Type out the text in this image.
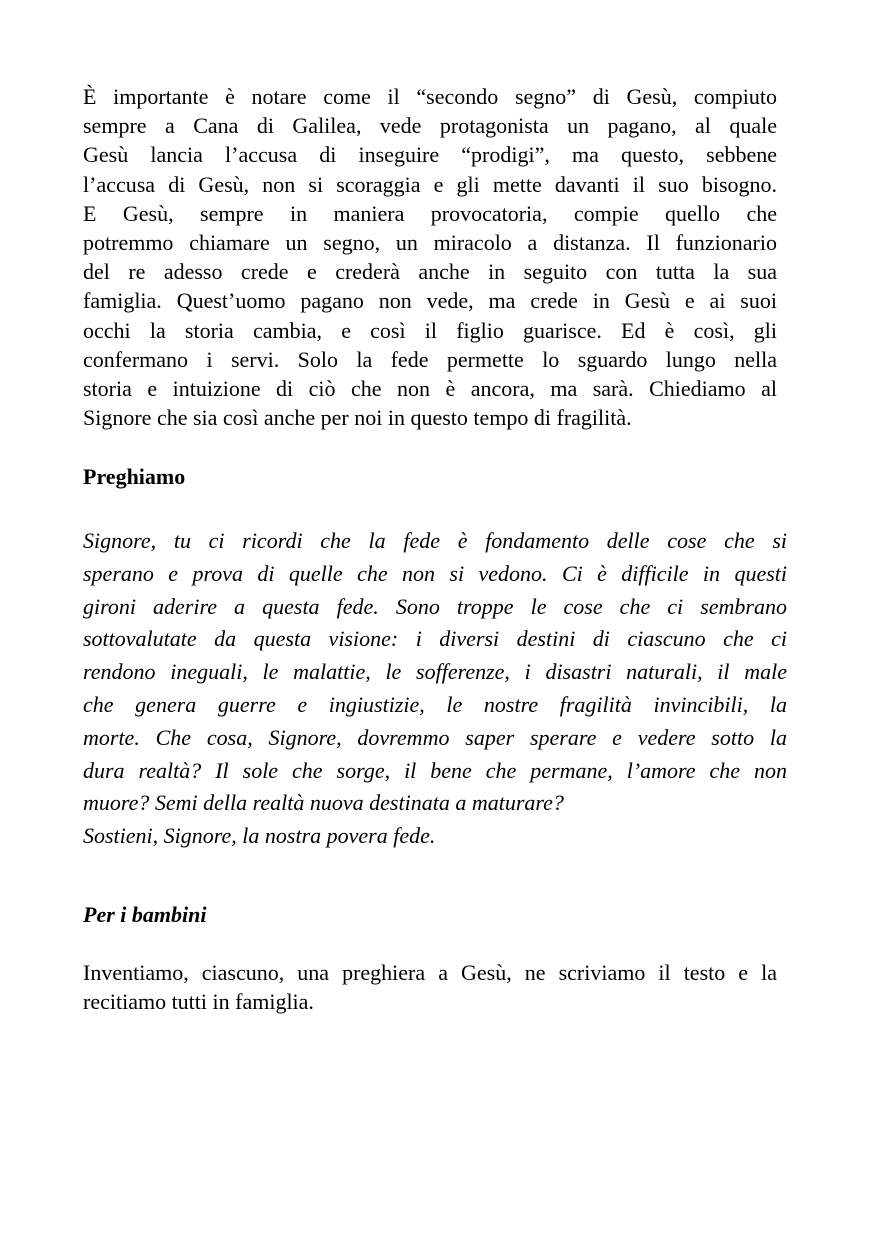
È importante è notare come il “secondo segno” di Gesù, compiuto
sempre a Cana di Galilea, vede protagonista un pagano, al quale
Gesù lancia l’accusa di inseguire “prodigi”, ma questo, sebbene
l’accusa di Gesù, non si scoraggia e gli mette davanti il suo bisogno.
E Gesù, sempre in maniera provocatoria, compie quello che
potremmo chiamare un segno, un miracolo a distanza. Il funzionario
del re adesso crede e crederà anche in seguito con tutta la sua
famiglia. Quest’uomo pagano non vede, ma crede in Gesù e ai suoi
occhi la storia cambia, e così il figlio guarisce. Ed è così, gli
confermano i servi. Solo la fede permette lo sguardo lungo nella
storia e intuizione di ciò che non è ancora, ma sarà. Chiediamo al
Signore che sia così anche per noi in questo tempo di fragilità.
Preghiamo
Signore, tu ci ricordi che la fede è fondamento delle cose che si
sperano e prova di quelle che non si vedono. Ci è difficile in questi
gironi aderire a questa fede. Sono troppe le cose che ci sembrano
sottovalutate da questa visione: i diversi destini di ciascuno che ci
rendono ineguali, le malattie, le sofferenze, i disastri naturali, il male
che genera guerre e ingiustizie, le nostre fragilità invincibili, la
morte. Che cosa, Signore, dovremmo saper sperare e vedere sotto la
dura realtà? Il sole che sorge, il bene che permane, l’amore che non
muore? Semi della realtà nuova destinata a maturare?
Sostieni, Signore, la nostra povera fede.
Per i bambini
Inventiamo, ciascuno, una preghiera a Gesù, ne scriviamo il testo e la
recitiamo tutti in famiglia.
